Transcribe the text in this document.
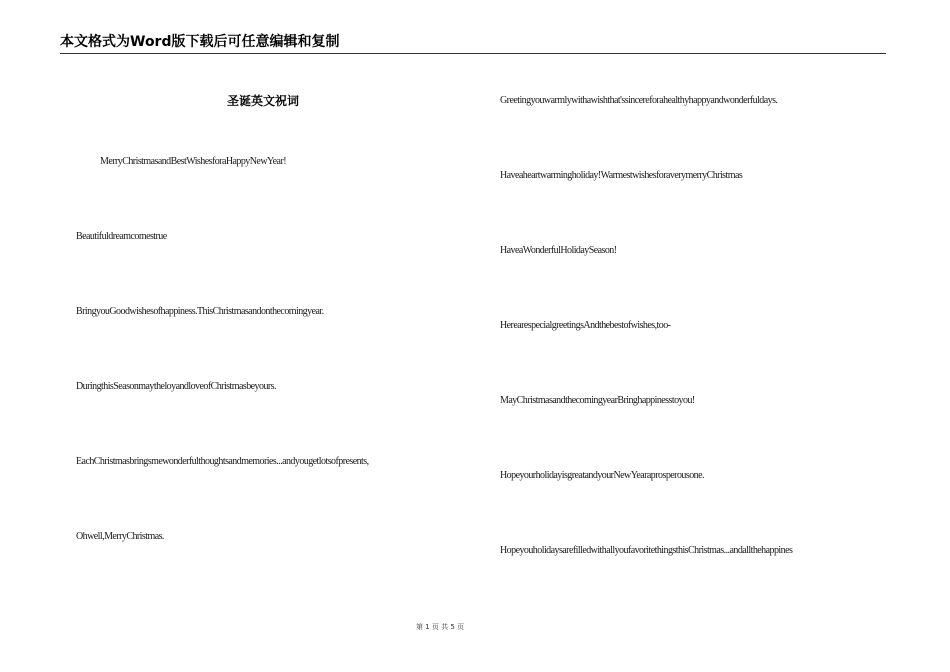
本文格式为Word版下载后可任意编辑和复制
圣诞英文祝词
MerryChristmasandBestWishesforaHappyNewYear!
Beautifuldreamcomestrue
BringyouGoodwishesofhappiness.ThisChristmasandonthecomingyear.
DuringthisSeasonmaytheloyandloveofChristmasbeyours.
EachChristmasbringsmewonderfulthoughtsandmemories...andyougetlotsofpresents,
Ohwell,MerryChristmas.
Greetingyouwarmlywithawishthat'ssincereforahealthyhappyandwonderfuldays.
Haveaheartwarmingholiday!WarmestwishesforaverymerryChristmas
HaveaWonderfulHolidaySeason!
HerearespecialgreetingsAndthebestofwishes,too-
MayChristmasandthecomingyearBringhappinesstoyou!
HopeyourholidayisgreatandyourNewYearaprosperousone.
HopeyouholidaysarefilledwithallyoufavoritethingsthisChristmas...andallthehappines
第 1 页 共 5 页
